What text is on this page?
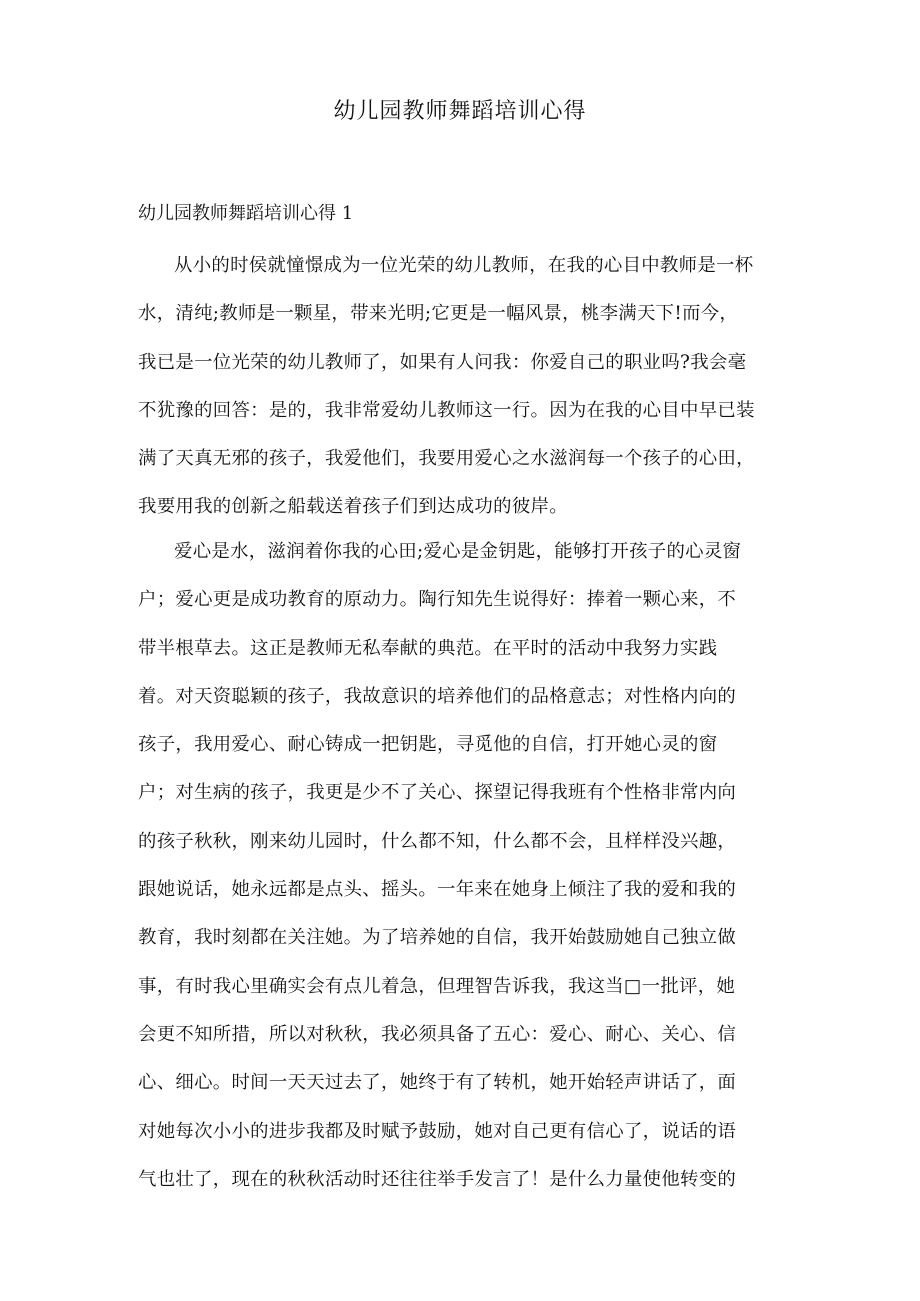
幼儿园教师舞蹈培训心得
幼儿园教师舞蹈培训心得 1
从小的时侯就憧憬成为一位光荣的幼儿教师，在我的心目中教师是一杯
水，清纯;教师是一颗星，带来光明;它更是一幅风景，桃李满天下!而今，
我已是一位光荣的幼儿教师了，如果有人问我：你爱自己的职业吗?我会毫
不犹豫的回答：是的，我非常爱幼儿教师这一行。因为在我的心目中早已装
满了天真无邪的孩子，我爱他们，我要用爱心之水滋润每一个孩子的心田，
我要用我的创新之船载送着孩子们到达成功的彼岸。
爱心是水，滋润着你我的心田;爱心是金钥匙，能够打开孩子的心灵窗
户；爱心更是成功教育的原动力。陶行知先生说得好：捧着一颗心来，不
带半根草去。这正是教师无私奉献的典范。在平时的活动中我努力实践
着。对天资聪颖的孩子，我故意识的培养他们的品格意志；对性格内向的
孩子，我用爱心、耐心铸成一把钥匙，寻觅他的自信，打开她心灵的窗
户；对生病的孩子，我更是少不了关心、探望记得我班有个性格非常内向
的孩子秋秋，刚来幼儿园时，什么都不知，什么都不会，且样样没兴趣，
跟她说话，她永远都是点头、摇头。一年来在她身上倾注了我的爱和我的
教育，我时刻都在关注她。为了培养她的自信，我开始鼓励她自己独立做
事，有时我心里确实会有点儿着急，但理智告诉我，我这当□一批评，她
会更不知所措，所以对秋秋，我必须具备了五心：爱心、耐心、关心、信
心、细心。时间一天天过去了，她终于有了转机，她开始轻声讲话了，面
对她每次小小的进步我都及时赋予鼓励，她对自己更有信心了，说话的语
气也壮了，现在的秋秋活动时还往往举手发言了！是什么力量使他转变的
